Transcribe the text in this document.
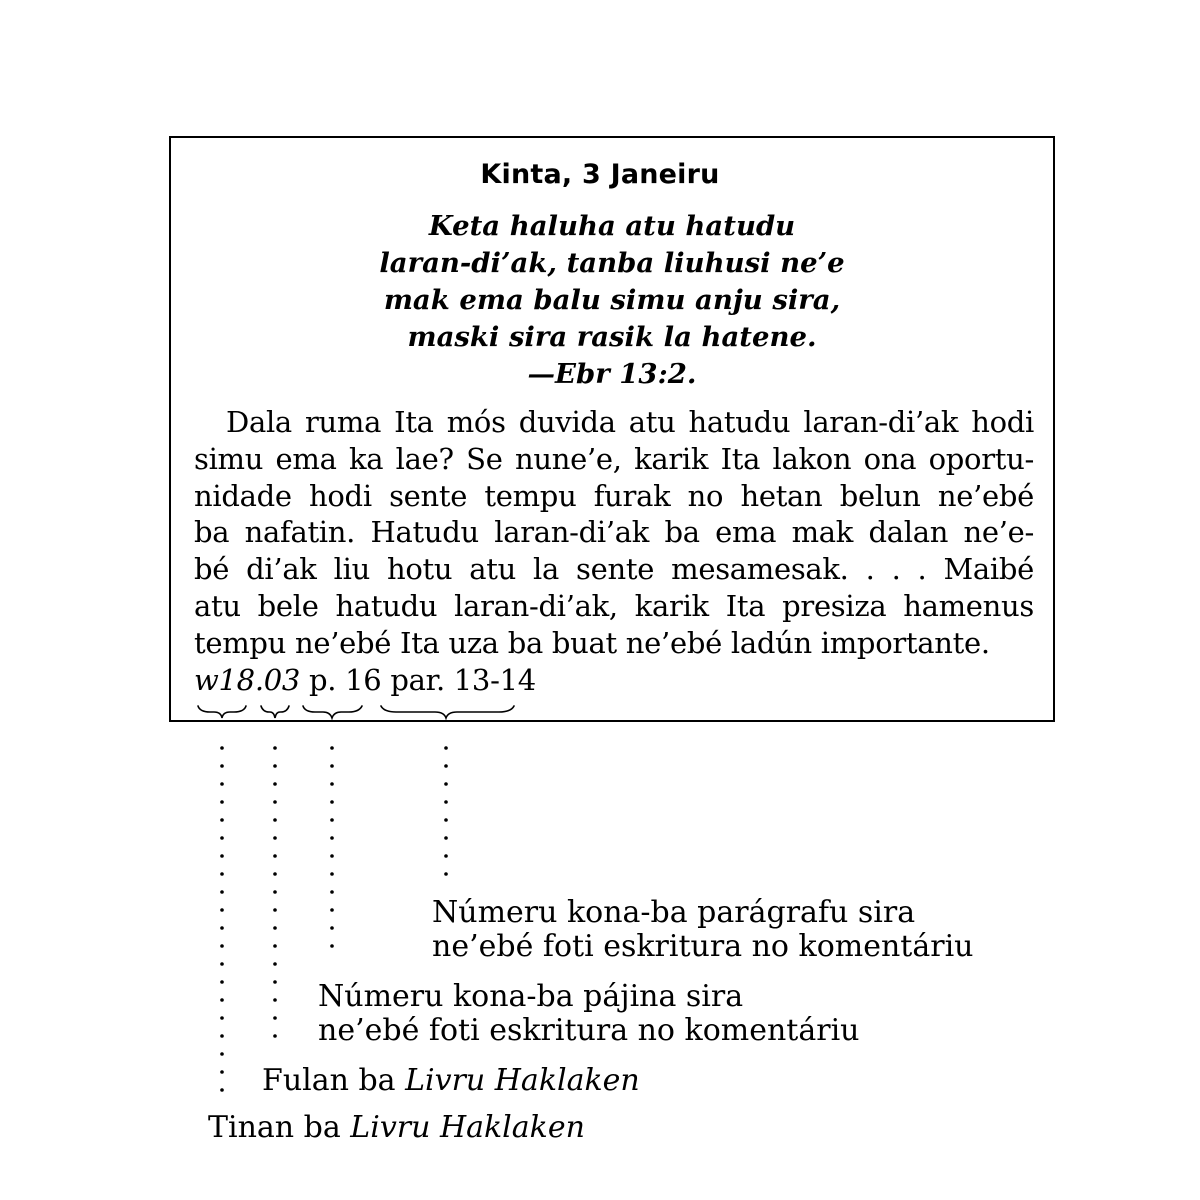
Kinta, 3 Janeiru
Keta haluha atu hatudu
laran-di’ak, tanba liuhusi ne’e
mak ema balu simu anju sira,
maski sira rasik la hatene.
—Ebr 13:2.
Dala ruma Ita mós duvida atu hatudu laran-di’ak hodi
simu ema ka lae? Se nune’e, karik Ita lakon ona oportu-
nidade hodi sente tempu furak no hetan belun ne’ebé
ba nafatin. Hatudu laran-di’ak ba ema mak dalan ne’e-
bé di’ak liu hotu atu la sente mesamesak. . . . Maibé
atu bele hatudu laran-di’ak, karik Ita presiza hamenus
tempu ne’ebé Ita uza ba buat ne’ebé ladún importante.
w18.03 p. 16 par. 13-14
Númeru kona-ba parágrafu sira
ne’ebé foti eskritura no komentáriu
Númeru kona-ba pájina sira
ne’ebé foti eskritura no komentáriu
Fulan ba Livru Haklaken
Tinan ba Livru Haklaken
